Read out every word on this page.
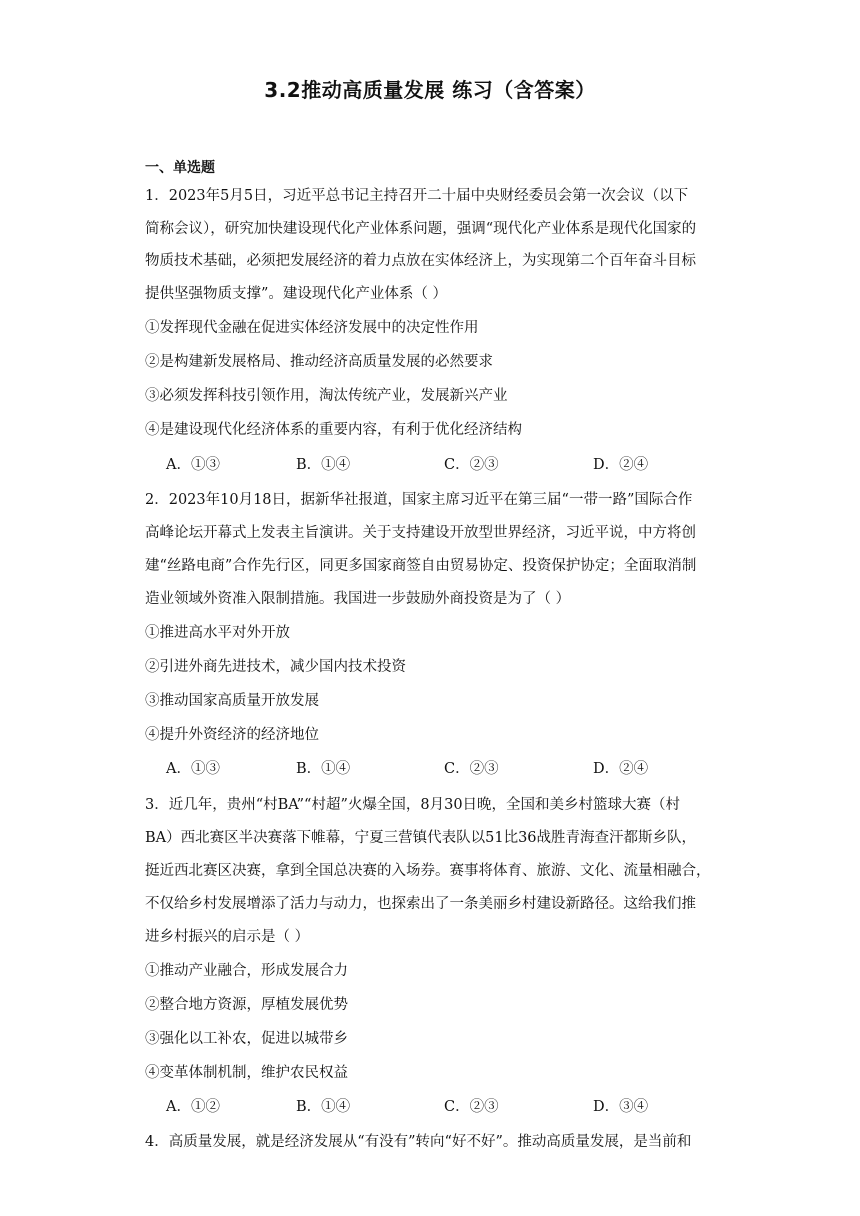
3.2推动高质量发展 练习（含答案）
一、单选题
1．2023年5月5日，习近平总书记主持召开二十届中央财经委员会第一次会议（以下
简称会议），研究加快建设现代化产业体系问题，强调“现代化产业体系是现代化国家的
物质技术基础，必须把发展经济的着力点放在实体经济上，为实现第二个百年奋斗目标
提供坚强物质支撑”。建设现代化产业体系（ ）
①发挥现代金融在促进实体经济发展中的决定性作用
②是构建新发展格局、推动经济高质量发展的必然要求
③必须发挥科技引领作用，淘汰传统产业，发展新兴产业
④是建设现代化经济体系的重要内容，有利于优化经济结构
A．①③	B．①④	C．②③	D．②④
2．2023年10月18日，据新华社报道，国家主席习近平在第三届“一带一路”国际合作
高峰论坛开幕式上发表主旨演讲。关于支持建设开放型世界经济，习近平说，中方将创
建“丝路电商”合作先行区，同更多国家商签自由贸易协定、投资保护协定；全面取消制
造业领域外资准入限制措施。我国进一步鼓励外商投资是为了（ ）
①推进高水平对外开放
②引进外商先进技术，减少国内技术投资
③推动国家高质量开放发展
④提升外资经济的经济地位
A．①③	B．①④	C．②③	D．②④
3．近几年，贵州“村BA”“村超”火爆全国，8月30日晚，全国和美乡村篮球大赛（村
BA）西北赛区半决赛落下帷幕，宁夏三营镇代表队以51比36战胜青海查汗都斯乡队，
挺近西北赛区决赛，拿到全国总决赛的入场券。赛事将体育、旅游、文化、流量相融合，
不仅给乡村发展增添了活力与动力，也探索出了一条美丽乡村建设新路径。这给我们推
进乡村振兴的启示是（ ）
①推动产业融合，形成发展合力
②整合地方资源，厚植发展优势
③强化以工补农，促进以城带乡
④变革体制机制，维护农民权益
A．①②	B．①④	C．②③	D．③④
4．高质量发展，就是经济发展从“有没有”转向“好不好”。推动高质量发展，是当前和
